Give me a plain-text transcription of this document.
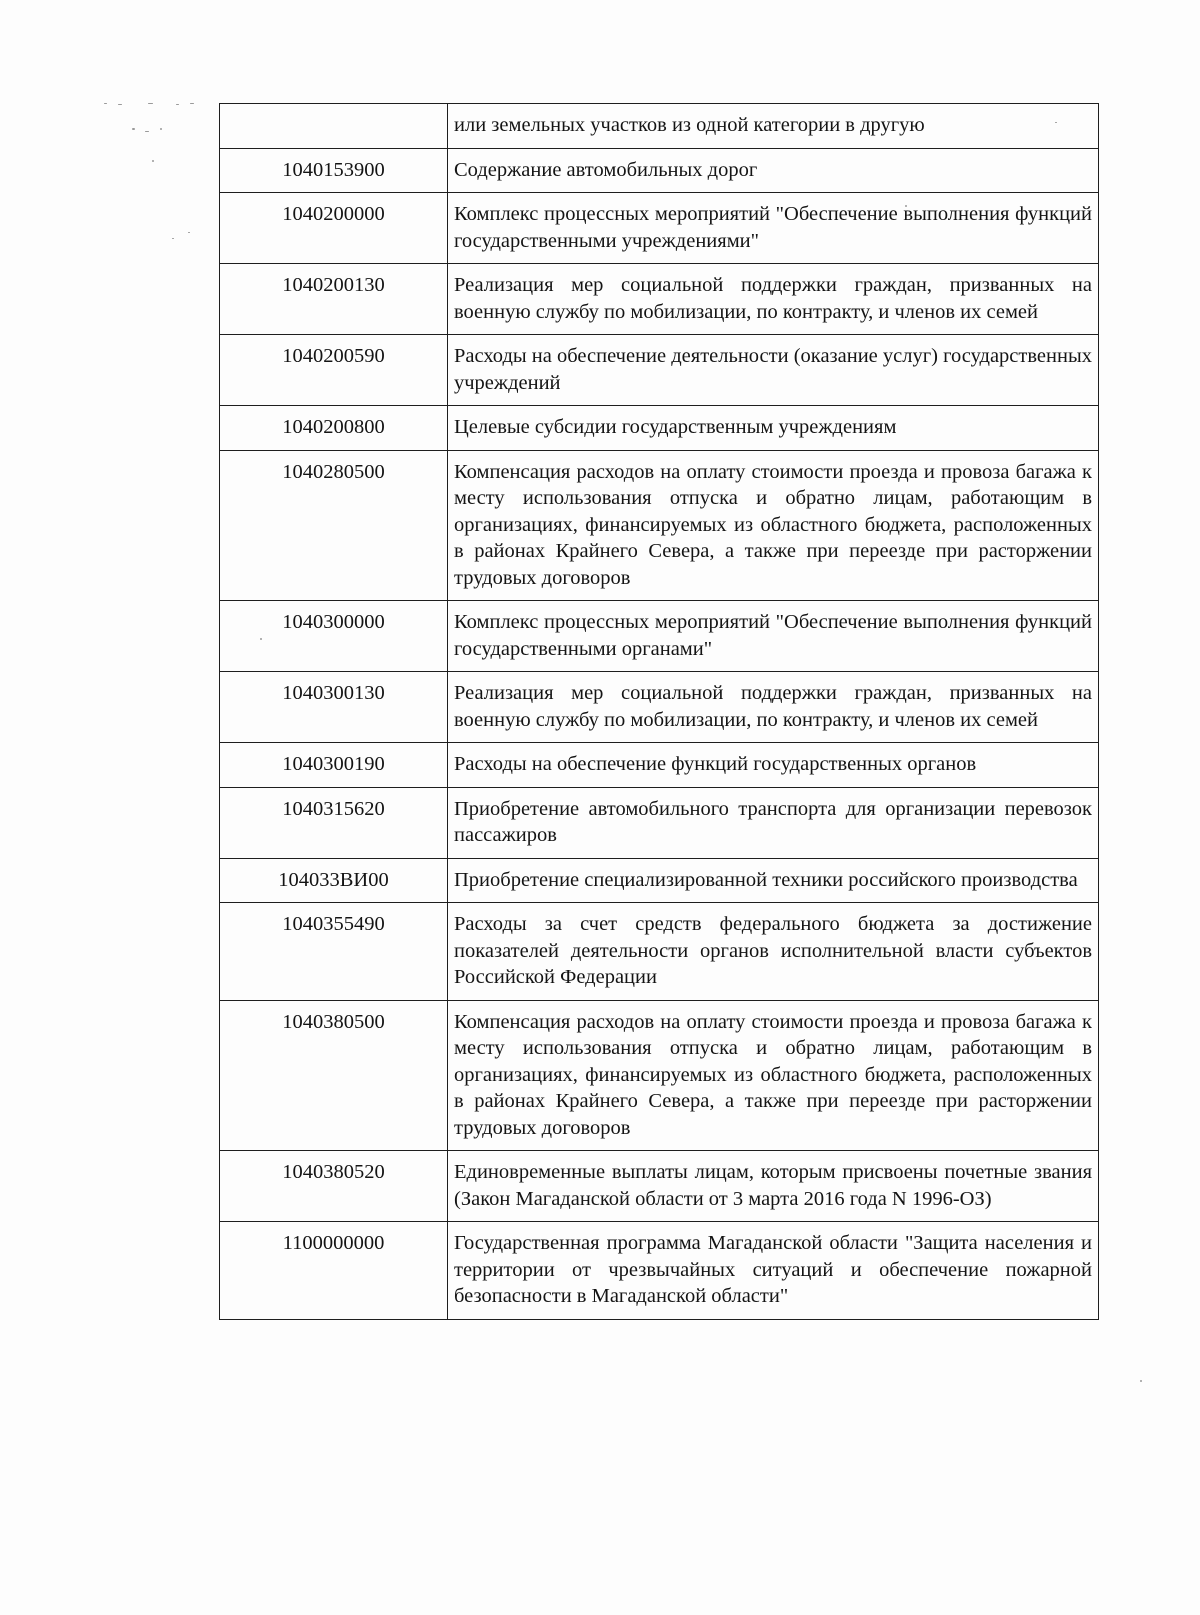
	или земельных участков из одной категории в другую
1040153900	Содержание автомобильных дорог
1040200000	Комплекс процессных мероприятий "Обеспечение выполнения функций государственными учреждениями"
1040200130	Реализация мер социальной поддержки граждан, призванных на военную службу по мобилизации, по контракту, и членов их семей
1040200590	Расходы на обеспечение деятельности (оказание услуг) государственных учреждений
1040200800	Целевые субсидии государственным учреждениям
1040280500	Компенсация расходов на оплату стоимости проезда и провоза багажа к месту использования отпуска и обратно лицам, работающим в организациях, финансируемых из областного бюджета, расположенных в районах Крайнего Севера, а также при переезде при расторжении трудовых договоров
1040300000	Комплекс процессных мероприятий "Обеспечение выполнения функций государственными органами"
1040300130	Реализация мер социальной поддержки граждан, призванных на военную службу по мобилизации, по контракту, и членов их семей
1040300190	Расходы на обеспечение функций государственных органов
1040315620	Приобретение автомобильного транспорта для организации перевозок пассажиров
104033ВИ00	Приобретение специализированной техники российского производства
1040355490	Расходы за счет средств федерального бюджета за достижение показателей деятельности органов исполнительной власти субъектов Российской Федерации
1040380500	Компенсация расходов на оплату стоимости проезда и провоза багажа к месту использования отпуска и обратно лицам, работающим в организациях, финансируемых из областного бюджета, расположенных в районах Крайнего Севера, а также при переезде при расторжении трудовых договоров
1040380520	Единовременные выплаты лицам, которым присвоены почетные звания (Закон Магаданской области от 3 марта 2016 года N 1996-ОЗ)
1100000000	Государственная программа Магаданской области "Защита населения и территории от чрезвычайных ситуаций и обеспечение пожарной безопасности в Магаданской области"
